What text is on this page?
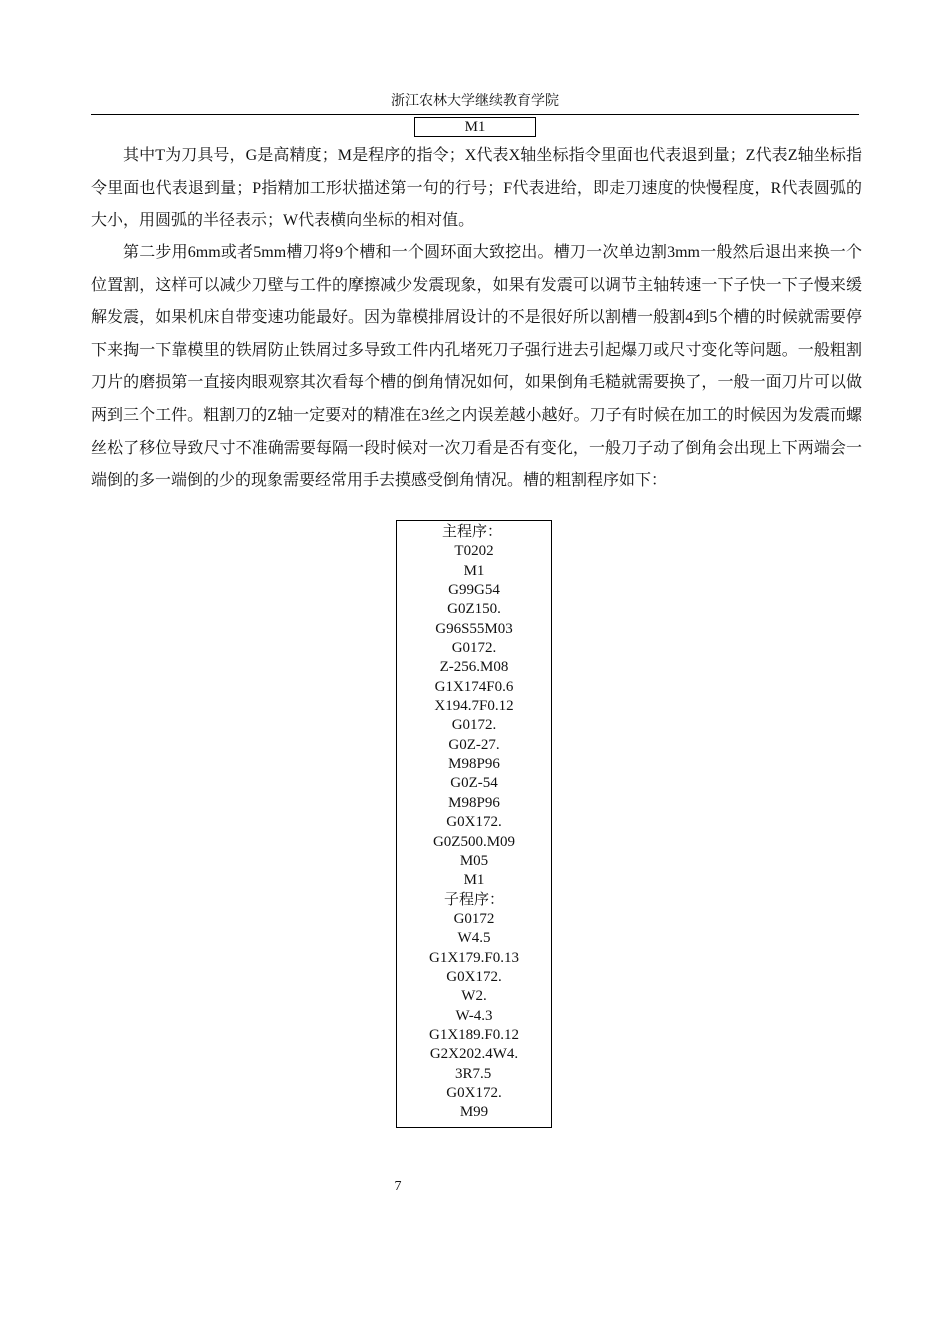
浙江农林大学继续教育学院
M1

其中T为刀具号，G是高精度；M是程序的指令；X代表X轴坐标指令里面也代表退到量；Z代表Z轴坐标指令里面也代表退到量；P指精加工形状描述第一句的行号；F代表进给，即走刀速度的快慢程度，R代表圆弧的大小，用圆弧的半径表示；W代表横向坐标的相对值。

第二步用6mm或者5mm槽刀将9个槽和一个圆环面大致挖出。槽刀一次单边割3mm一般然后退出来换一个位置割，这样可以减少刀壁与工件的摩擦减少发震现象，如果有发震可以调节主轴转速一下子快一下子慢来缓解发震，如果机床自带变速功能最好。因为靠模排屑设计的不是很好所以割槽一般割4到5个槽的时候就需要停下来掏一下靠模里的铁屑防止铁屑过多导致工件内孔堵死刀子强行进去引起爆刀或尺寸变化等问题。一般粗割刀片的磨损第一直接肉眼观察其次看每个槽的倒角情况如何，如果倒角毛糙就需要换了，一般一面刀片可以做两到三个工件。粗割刀的Z轴一定要对的精准在3丝之内误差越小越好。刀子有时候在加工的时候因为发震而螺丝松了移位导致尺寸不准确需要每隔一段时候对一次刀看是否有变化，一般刀子动了倒角会出现上下两端会一端倒的多一端倒的少的现象需要经常用手去摸感受倒角情况。槽的粗割程序如下：

主程序：
T0202
M1
G99G54
G0Z150.
G96S55M03
G0172.
Z-256.M08
G1X174F0.6
X194.7F0.12
G0172.
G0Z-27.
M98P96
G0Z-54
M98P96
G0X172.
G0Z500.M09
M05
M1
子程序：
G0172
W4.5
G1X179.F0.13
G0X172.
W2.
W-4.3
G1X189.F0.12
G2X202.4W4.
3R7.5
G0X172.
M99
7
